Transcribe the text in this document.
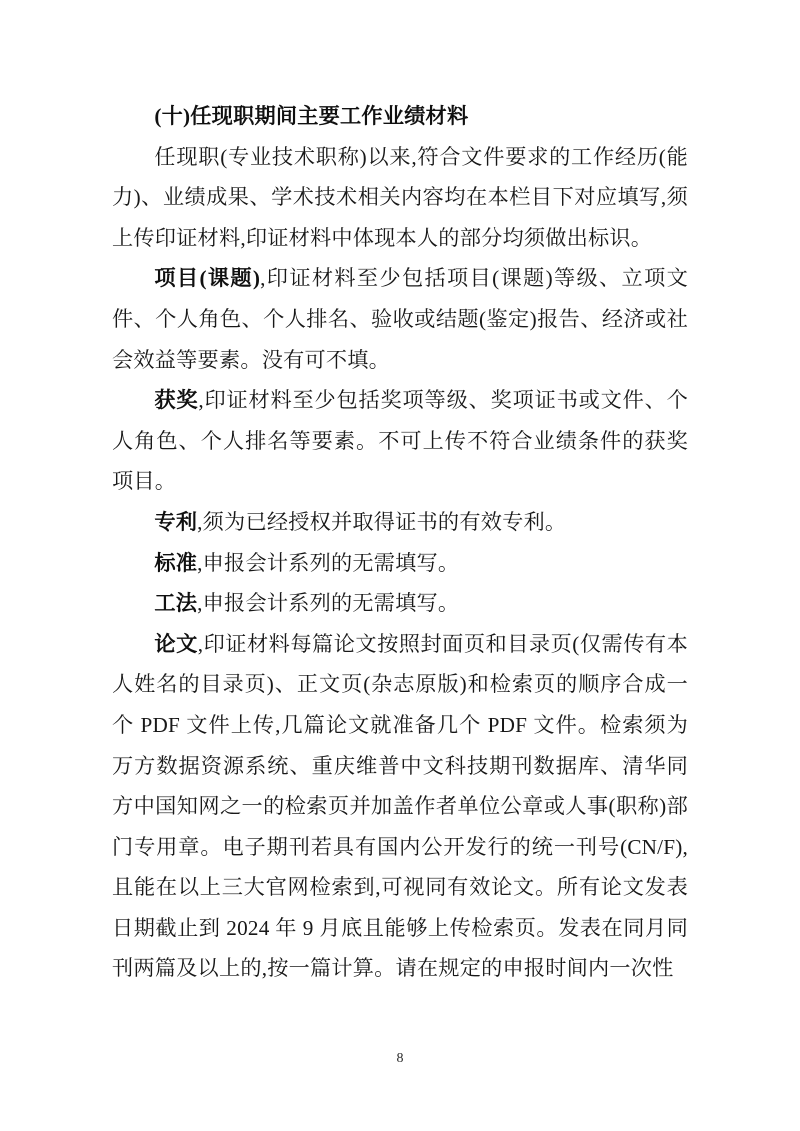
(十)任现职期间主要工作业绩材料

任现职(专业技术职称)以来,符合文件要求的工作经历(能力)、业绩成果、学术技术相关内容均在本栏目下对应填写,须上传印证材料,印证材料中体现本人的部分均须做出标识。

项目(课题),印证材料至少包括项目(课题)等级、立项文件、个人角色、个人排名、验收或结题(鉴定)报告、经济或社会效益等要素。没有可不填。

获奖,印证材料至少包括奖项等级、奖项证书或文件、个人角色、个人排名等要素。不可上传不符合业绩条件的获奖项目。

专利,须为已经授权并取得证书的有效专利。

标准,申报会计系列的无需填写。

工法,申报会计系列的无需填写。

论文,印证材料每篇论文按照封面页和目录页(仅需传有本人姓名的目录页)、正文页(杂志原版)和检索页的顺序合成一个 PDF 文件上传,几篇论文就准备几个 PDF 文件。检索须为万方数据资源系统、重庆维普中文科技期刊数据库、清华同方中国知网之一的检索页并加盖作者单位公章或人事(职称)部门专用章。电子期刊若具有国内公开发行的统一刊号(CN/F),且能在以上三大官网检索到,可视同有效论文。所有论文发表日期截止到 2024 年 9 月底且能够上传检索页。发表在同月同刊两篇及以上的,按一篇计算。请在规定的申报时间内一次性

8
